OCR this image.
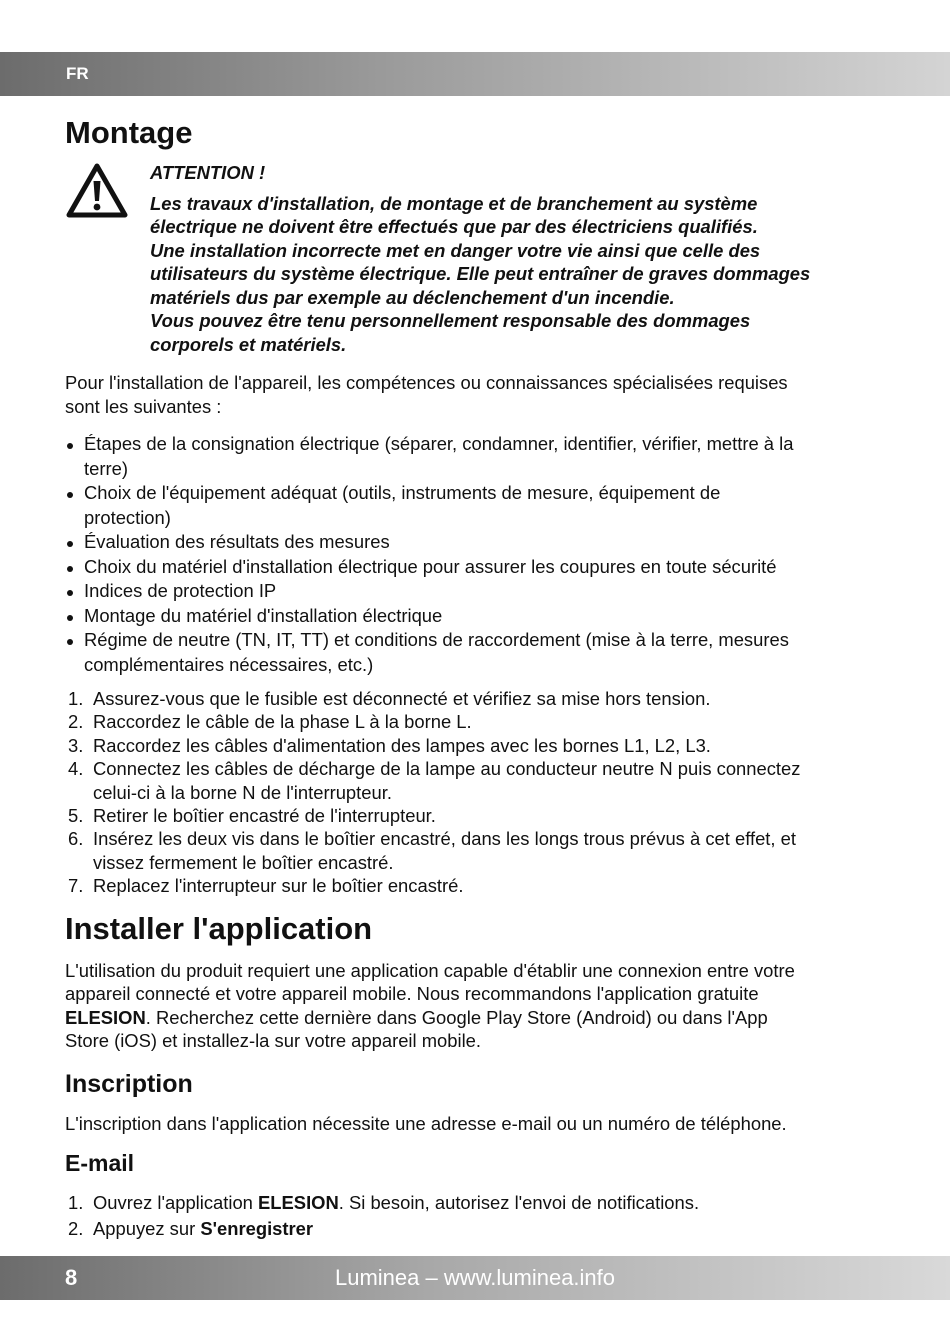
FR
Montage

ATTENTION !

Les travaux d'installation, de montage et de branchement au système

électrique ne doivent être effectués que par des électriciens qualifiés.

Une installation incorrecte met en danger votre vie ainsi que celle des

utilisateurs du système électrique. Elle peut entraîner de graves dommages

matériels dus par exemple au déclenchement d'un incendie.

Vous pouvez être tenu personnellement responsable des dommages

corporels et matériels.

Pour l'installation de l'appareil, les compétences ou connaissances spécialisées requises

sont les suivantes :

Étapes de la consignation électrique (séparer, condamner, identifier, vérifier, mettre à la
terre)
Choix de l'équipement adéquat (outils, instruments de mesure, équipement de
protection)
Évaluation des résultats des mesures
Choix du matériel d'installation électrique pour assurer les coupures en toute sécurité
Indices de protection IP
Montage du matériel d'installation électrique
Régime de neutre (TN, IT, TT) et conditions de raccordement (mise à la terre, mesures
complémentaires nécessaires, etc.)
1. Assurez-vous que le fusible est déconnecté et vérifiez sa mise hors tension.
2. Raccordez le câble de la phase L à la borne L.
3. Raccordez les câbles d'alimentation des lampes avec les bornes L1, L2, L3.
4. Connectez les câbles de décharge de la lampe au conducteur neutre N puis connectez
celui-ci à la borne N de l'interrupteur.
5. Retirer le boîtier encastré de l'interrupteur.
6. Insérez les deux vis dans le boîtier encastré, dans les longs trous prévus à cet effet, et
vissez fermement le boîtier encastré.
7. Replacez l'interrupteur sur le boîtier encastré.
Installer l'application

L'utilisation du produit requiert une application capable d'établir une connexion entre votre

appareil connecté et votre appareil mobile. Nous recommandons l'application gratuite

ELESION. Recherchez cette dernière dans Google Play Store (Android) ou dans l'App

Store (iOS) et installez-la sur votre appareil mobile.

Inscription

L'inscription dans l'application nécessite une adresse e-mail ou un numéro de téléphone.

E-mail
1. Ouvrez l'application ELESION. Si besoin, autorisez l'envoi de notifications.
2. Appuyez sur S'enregistrer
8	Luminea – www.luminea.info
